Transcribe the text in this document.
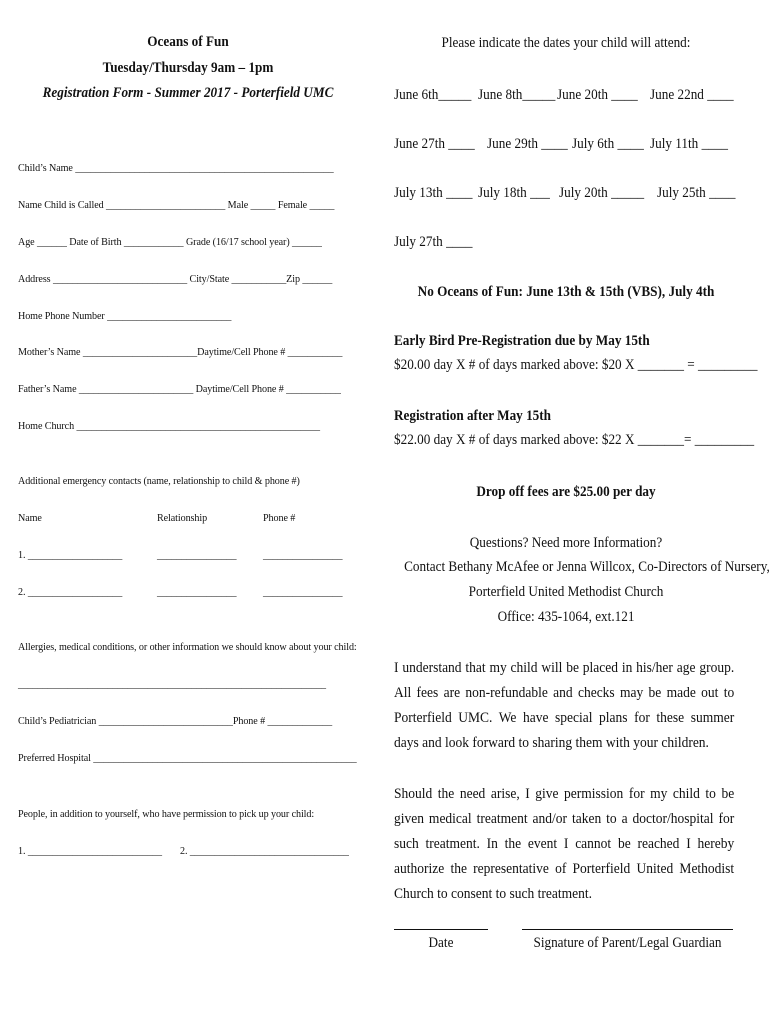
Oceans of Fun
Tuesday/Thursday 9am – 1pm
Registration Form - Summer 2017 - Porterfield UMC
Child’s Name ____________________________________________________
Name Child is Called ________________________ Male _____ Female _____
Age ______ Date of Birth ____________ Grade (16/17 school year) ______
Address ___________________________ City/State ___________Zip ______
Home Phone Number _________________________
Mother’s Name _______________________Daytime/Cell Phone # ___________
Father’s Name _______________________ Daytime/Cell Phone # ___________
Home Church _________________________________________________
Additional emergency contacts (name, relationship to child & phone #)
Name	Relationship	Phone #
1. ___________________	________________ ________________
2. ___________________	________________ ________________
Allergies, medical conditions, or other information we should know about your child:
______________________________________________________________
Child’s Pediatrician ___________________________Phone # _____________
Preferred Hospital _____________________________________________________
People, in addition to yourself, who have permission to pick up your child:
1. ___________________________ 2. ________________________________
Please indicate the dates your child will attend:
June 6th_____ June 8th_____ June 20th ____ June 22nd ____
June 27th ____ June 29th ____ July 6th ____ July 11th ____
July 13th ____ July 18th ___ July 20th _____ July 25th ____
July 27th ____
No Oceans of Fun: June 13th & 15th (VBS), July 4th
Early Bird Pre-Registration due by May 15th
$20.00 day X # of days marked above: $20 X _______ = _________
Registration after May 15th
$22.00 day X # of days marked above: $22 X _______= _________
Drop off fees are $25.00 per day
Questions? Need more Information?
Contact Bethany McAfee or Jenna Willcox, Co-Directors of Nursery,
Porterfield United Methodist Church
Office: 435-1064, ext.121
I understand that my child will be placed in his/her age group. All fees are non-refundable and checks may be made out to Porterfield UMC. We have special plans for these summer days and look forward to sharing them with your children.
Should the need arise, I give permission for my child to be given medical treatment and/or taken to a doctor/hospital for such treatment. In the event I cannot be reached I hereby authorize the representative of Porterfield United Methodist Church to consent to such treatment.
Date	Signature of Parent/Legal Guardian
